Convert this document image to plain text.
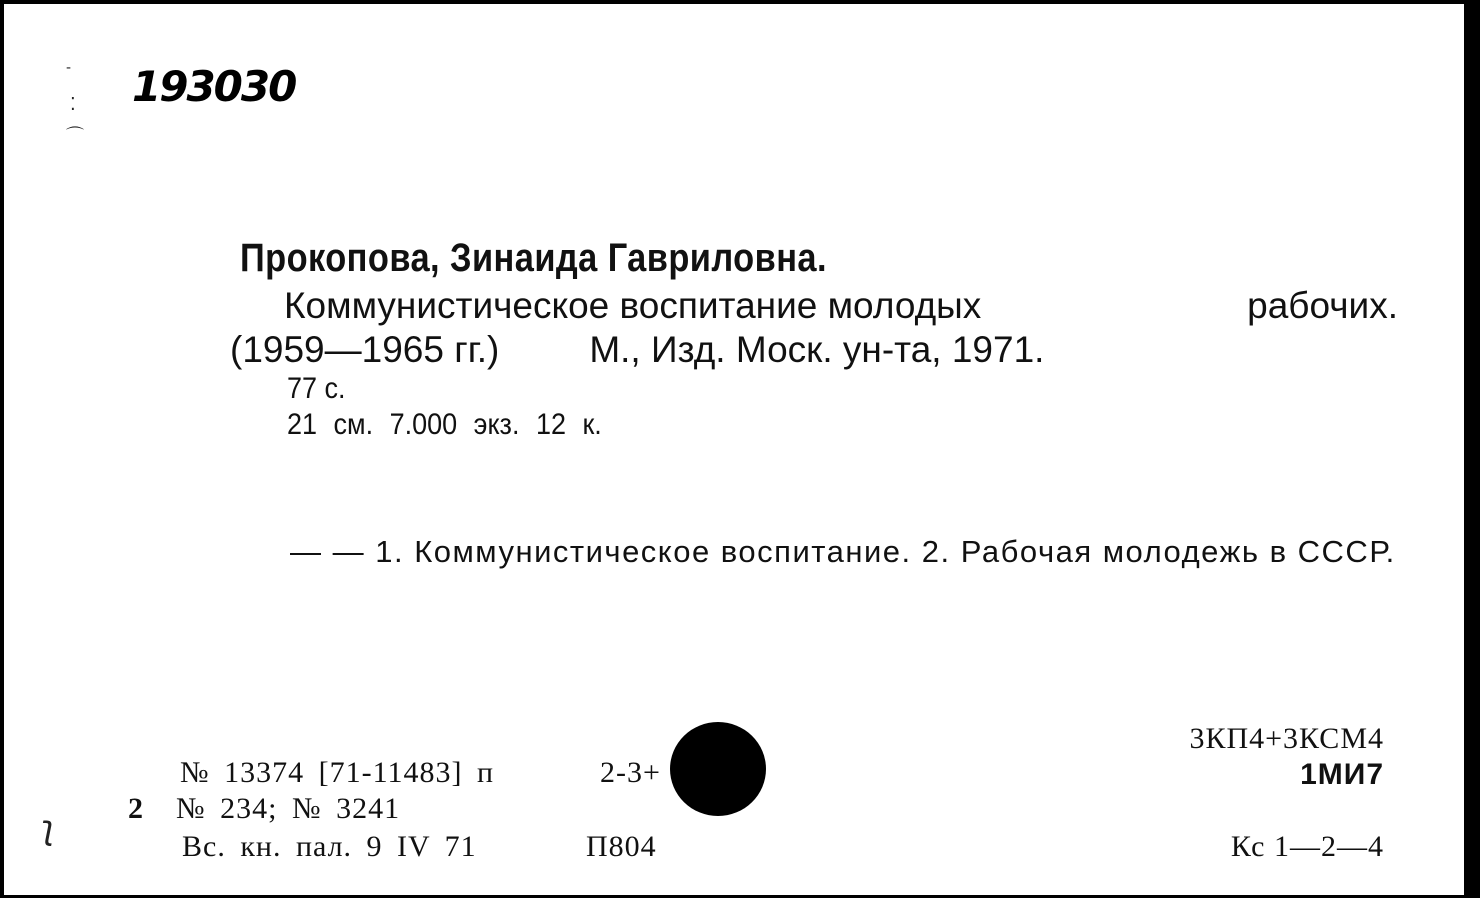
‐
⁚
⌒
193030
Прокопова, Зинаида Гавриловна.
Коммунистическое воспитание молодых	рабочих.
(1959—1965 гг.) М., Изд. Моск. ун-та, 1971.
77 с.
21 см. 7.000 экз. 12 к.
— — 1. Коммунистическое воспитание. 2. Рабочая молодежь в СССР.
№ 13374 [71-11483] п	2-3+
2 № 234; № 3241
ʅ	Вс. кн. пал. 9 IV 71	П804
3КП4+3КСМ4
1МИ7
Кс 1—2—4
